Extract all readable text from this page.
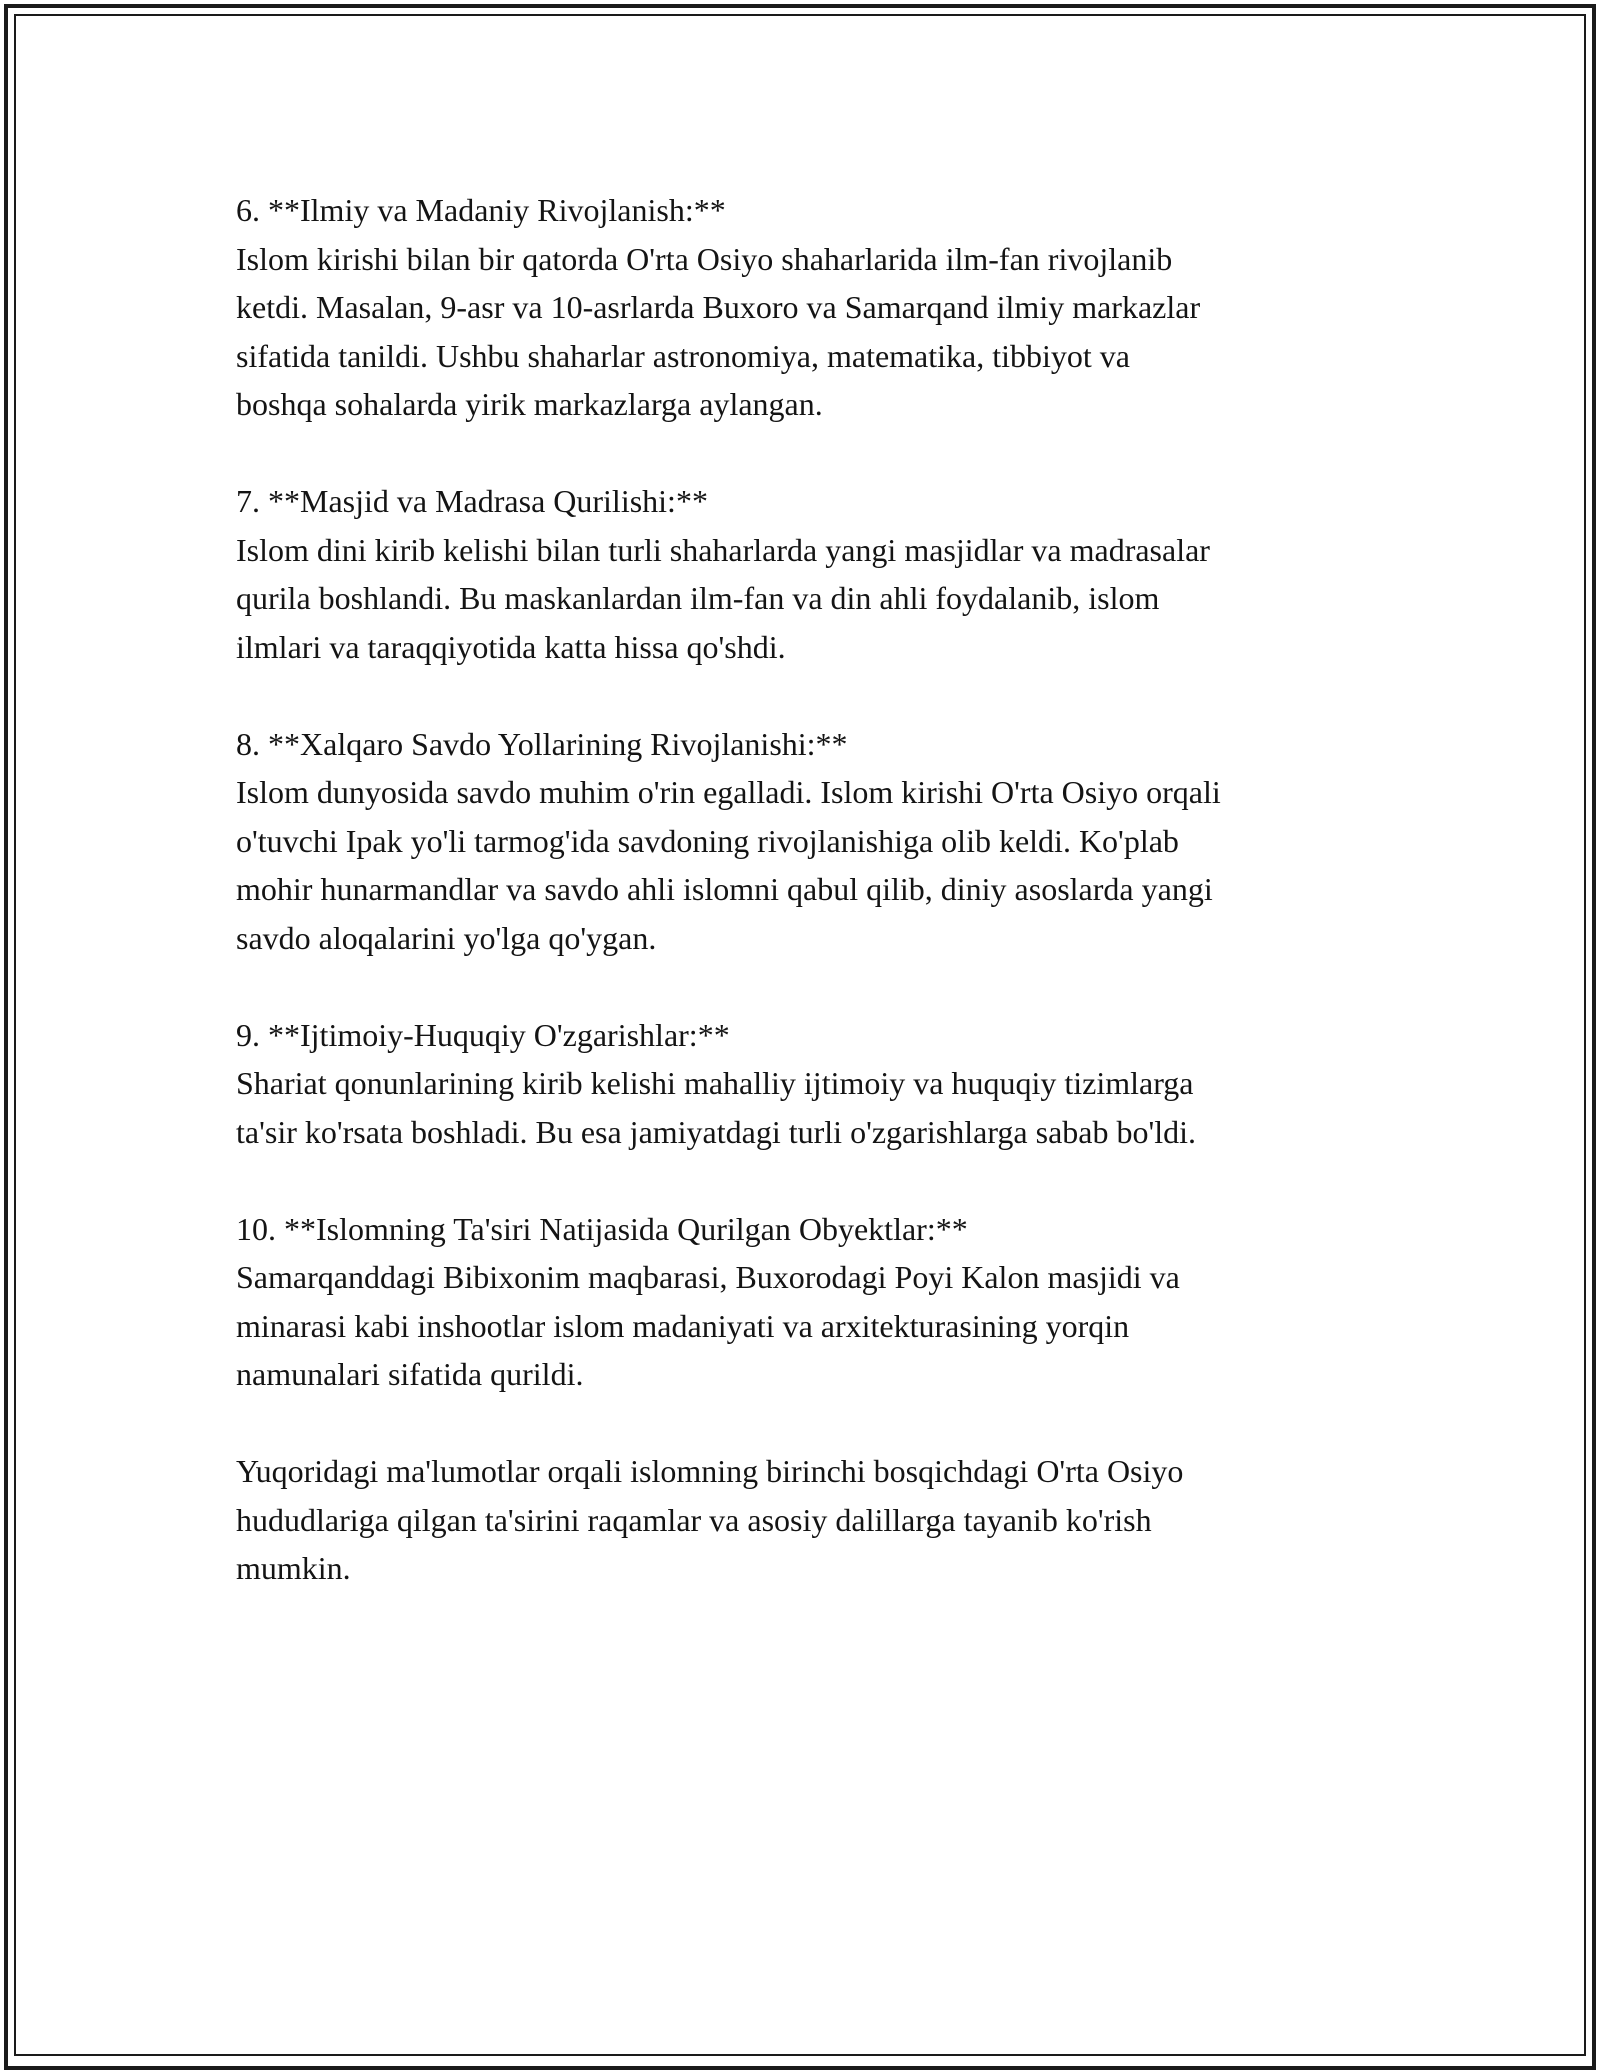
6. **Ilmiy va Madaniy Rivojlanish:**

Islom kirishi bilan bir qatorda O'rta Osiyo shaharlarida ilm-fan rivojlanib

ketdi. Masalan, 9-asr va 10-asrlarda Buxoro va Samarqand ilmiy markazlar

sifatida tanildi. Ushbu shaharlar astronomiya, matematika, tibbiyot va

boshqa sohalarda yirik markazlarga aylangan.

7. **Masjid va Madrasa Qurilishi:**

Islom dini kirib kelishi bilan turli shaharlarda yangi masjidlar va madrasalar

qurila boshlandi. Bu maskanlardan ilm-fan va din ahli foydalanib, islom

ilmlari va taraqqiyotida katta hissa qo'shdi.

8. **Xalqaro Savdo Yollarining Rivojlanishi:**

Islom dunyosida savdo muhim o'rin egalladi. Islom kirishi O'rta Osiyo orqali

o'tuvchi Ipak yo'li tarmog'ida savdoning rivojlanishiga olib keldi. Ko'plab

mohir hunarmandlar va savdo ahli islomni qabul qilib, diniy asoslarda yangi

savdo aloqalarini yo'lga qo'ygan.

9. **Ijtimoiy-Huquqiy O'zgarishlar:**

Shariat qonunlarining kirib kelishi mahalliy ijtimoiy va huquqiy tizimlarga

ta'sir ko'rsata boshladi. Bu esa jamiyatdagi turli o'zgarishlarga sabab bo'ldi.

10. **Islomning Ta'siri Natijasida Qurilgan Obyektlar:**

Samarqanddagi Bibixonim maqbarasi, Buxorodagi Poyi Kalon masjidi va

minarasi kabi inshootlar islom madaniyati va arxitekturasining yorqin

namunalari sifatida qurildi.

Yuqoridagi ma'lumotlar orqali islomning birinchi bosqichdagi O'rta Osiyo

hududlariga qilgan ta'sirini raqamlar va asosiy dalillarga tayanib ko'rish

mumkin.
